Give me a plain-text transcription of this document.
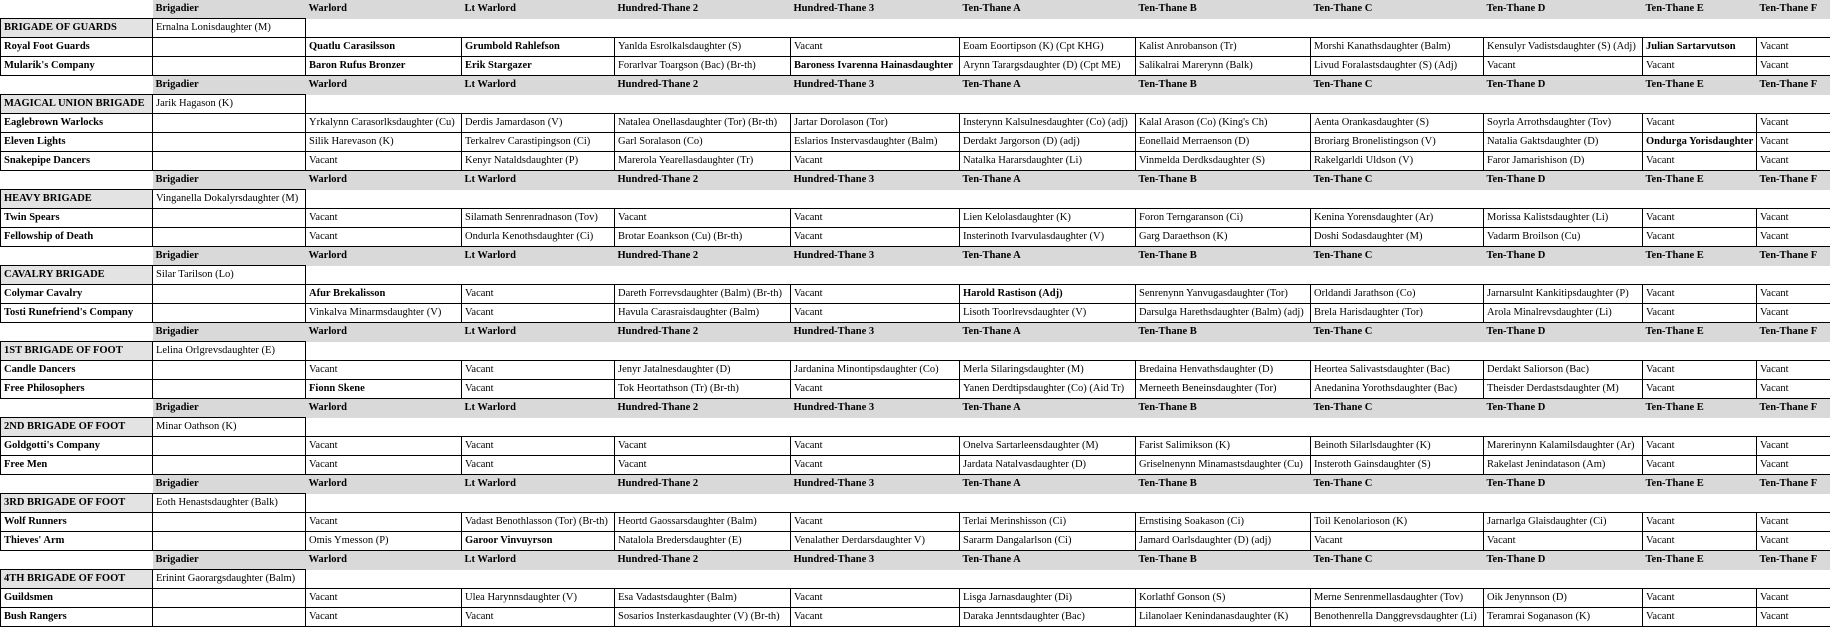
	Brigadier	Warlord	Lt Warlord	Hundred-Thane 2	Hundred-Thane 3	Ten-Thane A	Ten-Thane B	Ten-Thane C	Ten-Thane D	Ten-Thane E	Ten-Thane F
BRIGADE OF GUARDS	Ernalna Lonisdaughter (M)										
Royal Foot Guards		Quatlu Carasilsson	Grumbold Rahlefson	Yanlda Esrolkalsdaughter (S)	Vacant	Eoam Eoortipson (K) (Cpt KHG)	Kalist Anrobanson (Tr)	Morshi Kanathsdaughter (Balm)	Kensulyr Vadistsdaughter (S) (Adj)	Julian Sartarvutson	Vacant
Mularik's Company		Baron Rufus Bronzer	Erik Stargazer	Forarlvar Toargson (Bac) (Br-th)	Baroness Ivarenna Hainasdaughter	Arynn Tarargsdaughter (D) (Cpt ME)	Salikalrai Marerynn (Balk)	Livud Foralastsdaughter (S) (Adj)	Vacant	Vacant	Vacant
	Brigadier	Warlord	Lt Warlord	Hundred-Thane 2	Hundred-Thane 3	Ten-Thane A	Ten-Thane B	Ten-Thane C	Ten-Thane D	Ten-Thane E	Ten-Thane F
MAGICAL UNION BRIGADE	Jarik Hagason (K)										
Eaglebrown Warlocks		Yrkalynn Carasorlksdaughter (Cu)	Derdis Jamardason (V)	Natalea Onellasdaughter (Tor) (Br-th)	Jartar Dorolason (Tor)	Insterynn Kalsulnesdaughter (Co) (adj)	Kalal Arason (Co) (King's Ch)	Aenta Orankasdaughter (S)	Soyrla Arrothsdaughter (Tov)	Vacant	Vacant
Eleven Lights		Silik Harevason (K)	Terkalrev Carastipingson (Ci)	Garl Soralason (Co)	Eslarios Instervasdaughter (Balm)	Derdakt Jargorson (D) (adj)	Eonellaid Merraenson (D)	Broriarg Bronelistingson (V)	Natalia Gaktsdaughter (D)	Ondurga Yorisdaughter	Vacant
Snakepipe Dancers		Vacant	Kenyr Nataldsdaughter (P)	Marerola Yearellasdaughter (Tr)	Vacant	Natalka Hararsdaughter (Li)	Vinmelda Derdksdaughter (S)	Rakelgarldi Uldson (V)	Faror Jamarishison (D)	Vacant	Vacant
	Brigadier	Warlord	Lt Warlord	Hundred-Thane 2	Hundred-Thane 3	Ten-Thane A	Ten-Thane B	Ten-Thane C	Ten-Thane D	Ten-Thane E	Ten-Thane F
HEAVY BRIGADE	Vinganella Dokalyrsdaughter (M)										
Twin Spears		Vacant	Silamath Senrenradnason (Tov)	Vacant	Vacant	Lien Kelolasdaughter (K)	Foron Terngaranson (Ci)	Kenina Yorensdaughter (Ar)	Morissa Kalistsdaughter (Li)	Vacant	Vacant
Fellowship of Death		Vacant	Ondurla Kenothsdaughter (Ci)	Brotar Eoankson (Cu) (Br-th)	Vacant	Insterinoth Ivarvulasdaughter (V)	Garg Daraethson (K)	Doshi Sodasdaughter (M)	Vadarm Broilson (Cu)	Vacant	Vacant
	Brigadier	Warlord	Lt Warlord	Hundred-Thane 2	Hundred-Thane 3	Ten-Thane A	Ten-Thane B	Ten-Thane C	Ten-Thane D	Ten-Thane E	Ten-Thane F
CAVALRY BRIGADE	Silar Tarilson (Lo)										
Colymar Cavalry		Afur Brekalisson	Vacant	Dareth Forrevsdaughter (Balm) (Br-th)	Vacant	Harold Rastison (Adj)	Senrenynn Yanvugasdaughter (Tor)	Orldandi Jarathson (Co)	Jarnarsulnt Kankitipsdaughter (P)	Vacant	Vacant
Tosti Runefriend's Company		Vinkalva Minarmsdaughter (V)	Vacant	Havula Carasraisdaughter (Balm)	Vacant	Lisoth Toorlrevsdaughter (V)	Darsulga Harethsdaughter (Balm) (adj)	Brela Harisdaughter (Tor)	Arola Minalrevsdaughter (Li)	Vacant	Vacant
	Brigadier	Warlord	Lt Warlord	Hundred-Thane 2	Hundred-Thane 3	Ten-Thane A	Ten-Thane B	Ten-Thane C	Ten-Thane D	Ten-Thane E	Ten-Thane F
1ST BRIGADE OF FOOT	Lelina Orlgrevsdaughter (E)										
Candle Dancers		Vacant	Vacant	Jenyr Jatalnesdaughter (D)	Jardanina Minontipsdaughter (Co)	Merla Silaringsdaughter (M)	Bredaina Henvathsdaughter (D)	Heortea Salivastsdaughter (Bac)	Derdakt Saliorson (Bac)	Vacant	Vacant
Free Philosophers		Fionn Skene	Vacant	Tok Heortathson (Tr) (Br-th)	Vacant	Yanen Derdtipsdaughter (Co) (Aid Tr)	Merneeth Beneinsdaughter (Tor)	Anedanina Yorothsdaughter (Bac)	Theisder Derdastsdaughter (M)	Vacant	Vacant
	Brigadier	Warlord	Lt Warlord	Hundred-Thane 2	Hundred-Thane 3	Ten-Thane A	Ten-Thane B	Ten-Thane C	Ten-Thane D	Ten-Thane E	Ten-Thane F
2ND BRIGADE OF FOOT	Minar Oathson (K)										
Goldgotti's Company		Vacant	Vacant	Vacant	Vacant	Onelva Sartarleensdaughter (M)	Farist Salimikson (K)	Beinoth Silarlsdaughter (K)	Marerinynn Kalamilsdaughter (Ar)	Vacant	Vacant
Free Men		Vacant	Vacant	Vacant	Vacant	Jardata Natalvasdaughter (D)	Griselnenynn Minamastsdaughter (Cu)	Insteroth Gainsdaughter (S)	Rakelast Jenindatason (Am)	Vacant	Vacant
	Brigadier	Warlord	Lt Warlord	Hundred-Thane 2	Hundred-Thane 3	Ten-Thane A	Ten-Thane B	Ten-Thane C	Ten-Thane D	Ten-Thane E	Ten-Thane F
3RD BRIGADE OF FOOT	Eoth Henastsdaughter (Balk)										
Wolf Runners		Vacant	Vadast Benothlasson (Tor) (Br-th)	Heortd Gaossarsdaughter (Balm)	Vacant	Terlai Merinshisson (Ci)	Ernstising Soakason (Ci)	Toil Kenolarioson (K)	Jarnarlga Glaisdaughter (Ci)	Vacant	Vacant
Thieves' Arm		Omis Ymesson (P)	Garoor Vinvuyrson	Natalola Bredersdaughter (E)	Venalather Derdarsdaughter V)	Sararm Dangalarlson (Ci)	Jamard Oarlsdaughter (D) (adj)	Vacant	Vacant	Vacant	Vacant
	Brigadier	Warlord	Lt Warlord	Hundred-Thane 2	Hundred-Thane 3	Ten-Thane A	Ten-Thane B	Ten-Thane C	Ten-Thane D	Ten-Thane E	Ten-Thane F
4TH BRIGADE OF FOOT	Erinint Gaorargsdaughter (Balm)										
Guildsmen		Vacant	Ulea Harynnsdaughter (V)	Esa Vadastsdaughter (Balm)	Vacant	Lisga Jarnasdaughter (Di)	Korlathf Gonson (S)	Merne Senrenmellasdaughter (Tov)	Oik Jenynnson (D)	Vacant	Vacant
Bush Rangers		Vacant	Vacant	Sosarios Insterkasdaughter (V) (Br-th)	Vacant	Daraka Jenntsdaughter (Bac)	Lilanolaer Kenindanasdaughter (K)	Benothenrella Danggrevsdaughter (Li)	Teramrai Soganason (K)	Vacant	Vacant
